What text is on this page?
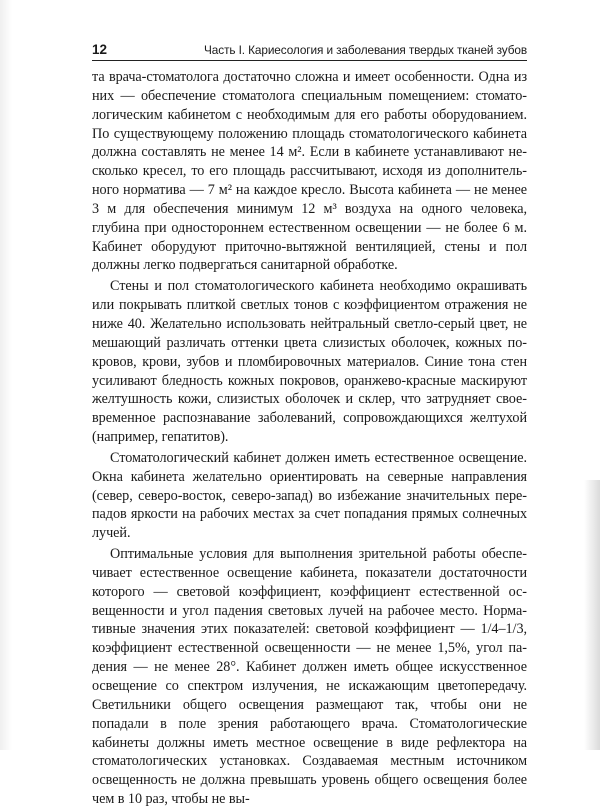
12	Часть I. Кариесология и заболевания твердых тканей зубов

та врача-стоматолога достаточно сложна и имеет особенности. Одна из них — обеспечение стоматолога специальным помещением: стоматологическим кабинетом с необходимым для его работы оборудованием. По существующему положению площадь стоматологического кабинета должна составлять не менее 14 м². Если в кабинете устанавливают несколько кресел, то его площадь рассчитывают, исходя из дополнительного норматива — 7 м² на каждое кресло. Высота кабинета — не менее 3 м для обеспечения минимум 12 м³ воздуха на одного человека, глубина при одностороннем естественном освещении — не более 6 м. Кабинет оборудуют приточно-вытяжной вентиляцией, стены и пол должны легко подвергаться санитарной обработке.

Стены и пол стоматологического кабинета необходимо окрашивать или покрывать плиткой светлых тонов с коэффициентом отражения не ниже 40. Желательно использовать нейтральный светло-серый цвет, не мешающий различать оттенки цвета слизистых оболочек, кожных покровов, крови, зубов и пломбировочных материалов. Синие тона стен усиливают бледность кожных покровов, оранжево-красные маскируют желтушность кожи, слизистых оболочек и склер, что затрудняет своевременное распознавание заболеваний, сопровождающихся желтухой (например, гепатитов).

Стоматологический кабинет должен иметь естественное освещение. Окна кабинета желательно ориентировать на северные направления (север, северо-восток, северо-запад) во избежание значительных перепадов яркости на рабочих местах за счет попадания прямых солнечных лучей.

Оптимальные условия для выполнения зрительной работы обеспечивает естественное освещение кабинета, показатели достаточности которого — световой коэффициент, коэффициент естественной освещенности и угол падения световых лучей на рабочее место. Нормативные значения этих показателей: световой коэффициент — 1/4–1/3, коэффициент естественной освещенности — не менее 1,5%, угол падения — не менее 28°. Кабинет должен иметь общее искусственное освещение со спектром излучения, не искажающим цветопередачу. Светильники общего освещения размещают так, чтобы они не попадали в поле зрения работающего врача. Стоматологические кабинеты должны иметь местное освещение в виде рефлектора на стоматологических установках. Создаваемая местным источником освещенность не должна превышать уровень общего освещения более чем в 10 раз, чтобы не вы-
